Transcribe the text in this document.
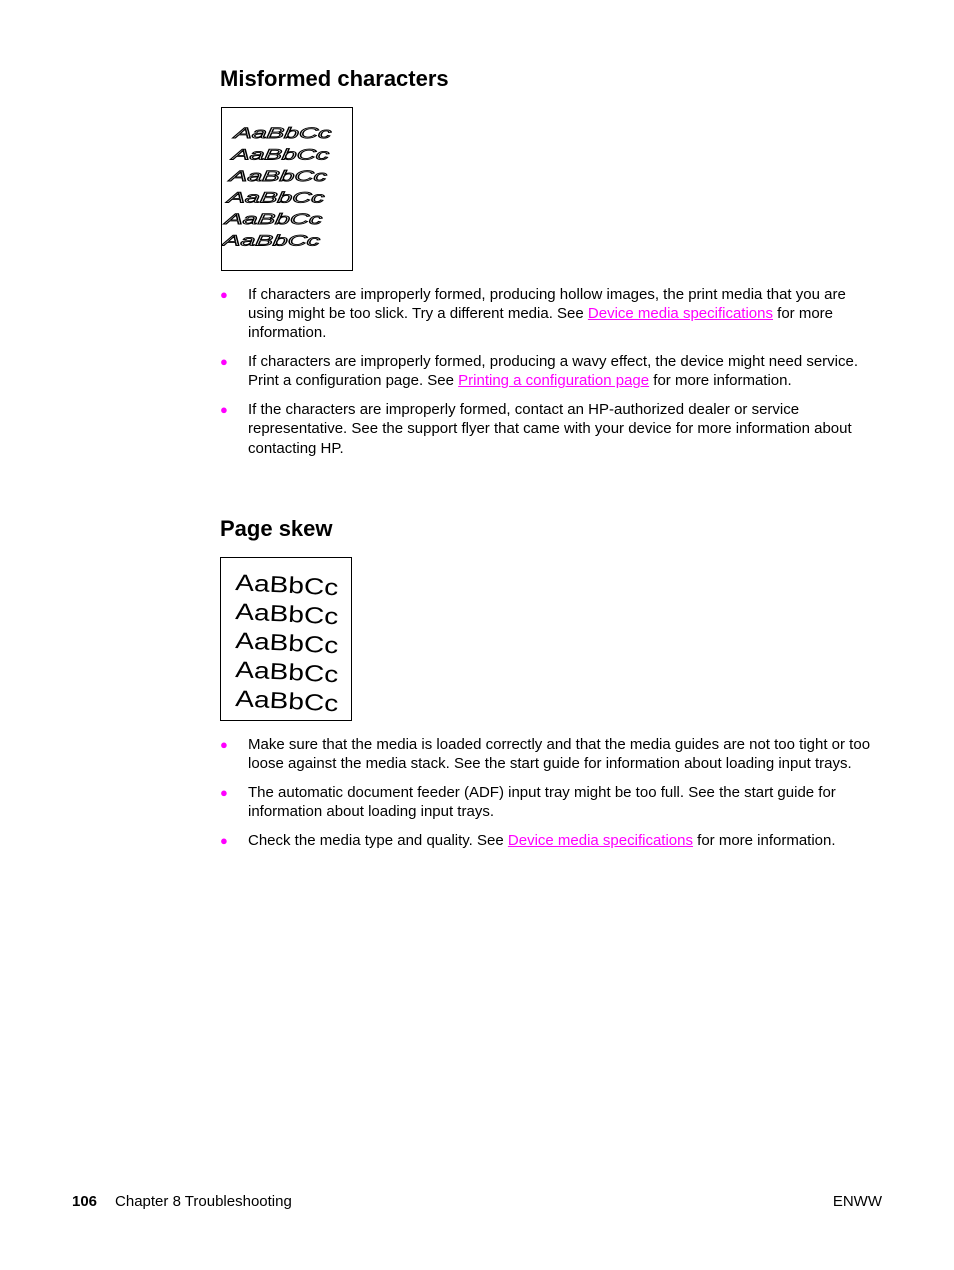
Misformed characters
AaBbCc
AaBbCc
AaBbCc
AaBbCc
AaBbCc
AaBbCc
● If characters are improperly formed, producing hollow images, the print media that you are using might be too slick. Try a different media. See Device media specifications for more information.
● If characters are improperly formed, producing a wavy effect, the device might need service. Print a configuration page. See Printing a configuration page for more information.
● If the characters are improperly formed, contact an HP-authorized dealer or service representative. See the support flyer that came with your device for more information about contacting HP.
Page skew
AaBbCc
AaBbCc
AaBbCc
AaBbCc
AaBbCc
● Make sure that the media is loaded correctly and that the media guides are not too tight or too loose against the media stack. See the start guide for information about loading input trays.
● The automatic document feeder (ADF) input tray might be too full. See the start guide for information about loading input trays.
● Check the media type and quality. See Device media specifications for more information.
106 Chapter 8 Troubleshooting	ENWW
